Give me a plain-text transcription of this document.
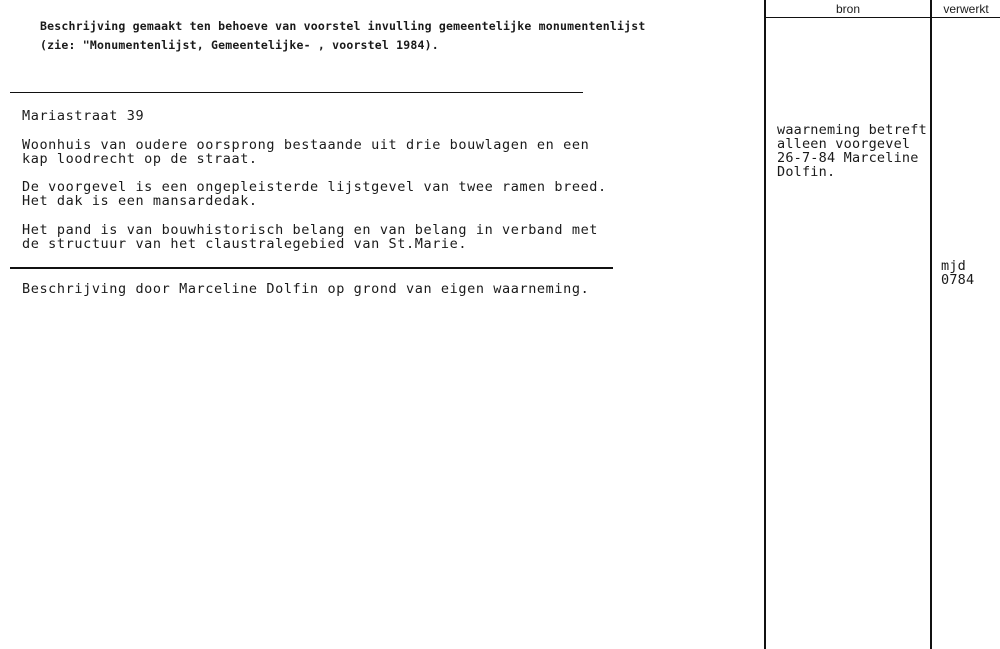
Beschrijving gemaakt ten behoeve van voorstel invulling gemeentelijke monumentenlijst
(zie: "Monumentenlijst, Gemeentelijke- , voorstel 1984).
Mariastraat 39
Woonhuis van oudere oorsprong bestaande uit drie bouwlagen en een
kap loodrecht op de straat.
De voorgevel is een ongepleisterde lijstgevel van twee ramen breed.
Het dak is een mansardedak.
Het pand is van bouwhistorisch belang en van belang in verband met
de structuur van het claustralegebied van St.Marie.
Beschrijving door Marceline Dolfin op grond van eigen waarneming.
bron	verwerkt
waarneming betreft
alleen voorgevel
26-7-84 Marceline
Dolfin.
mjd
0784
